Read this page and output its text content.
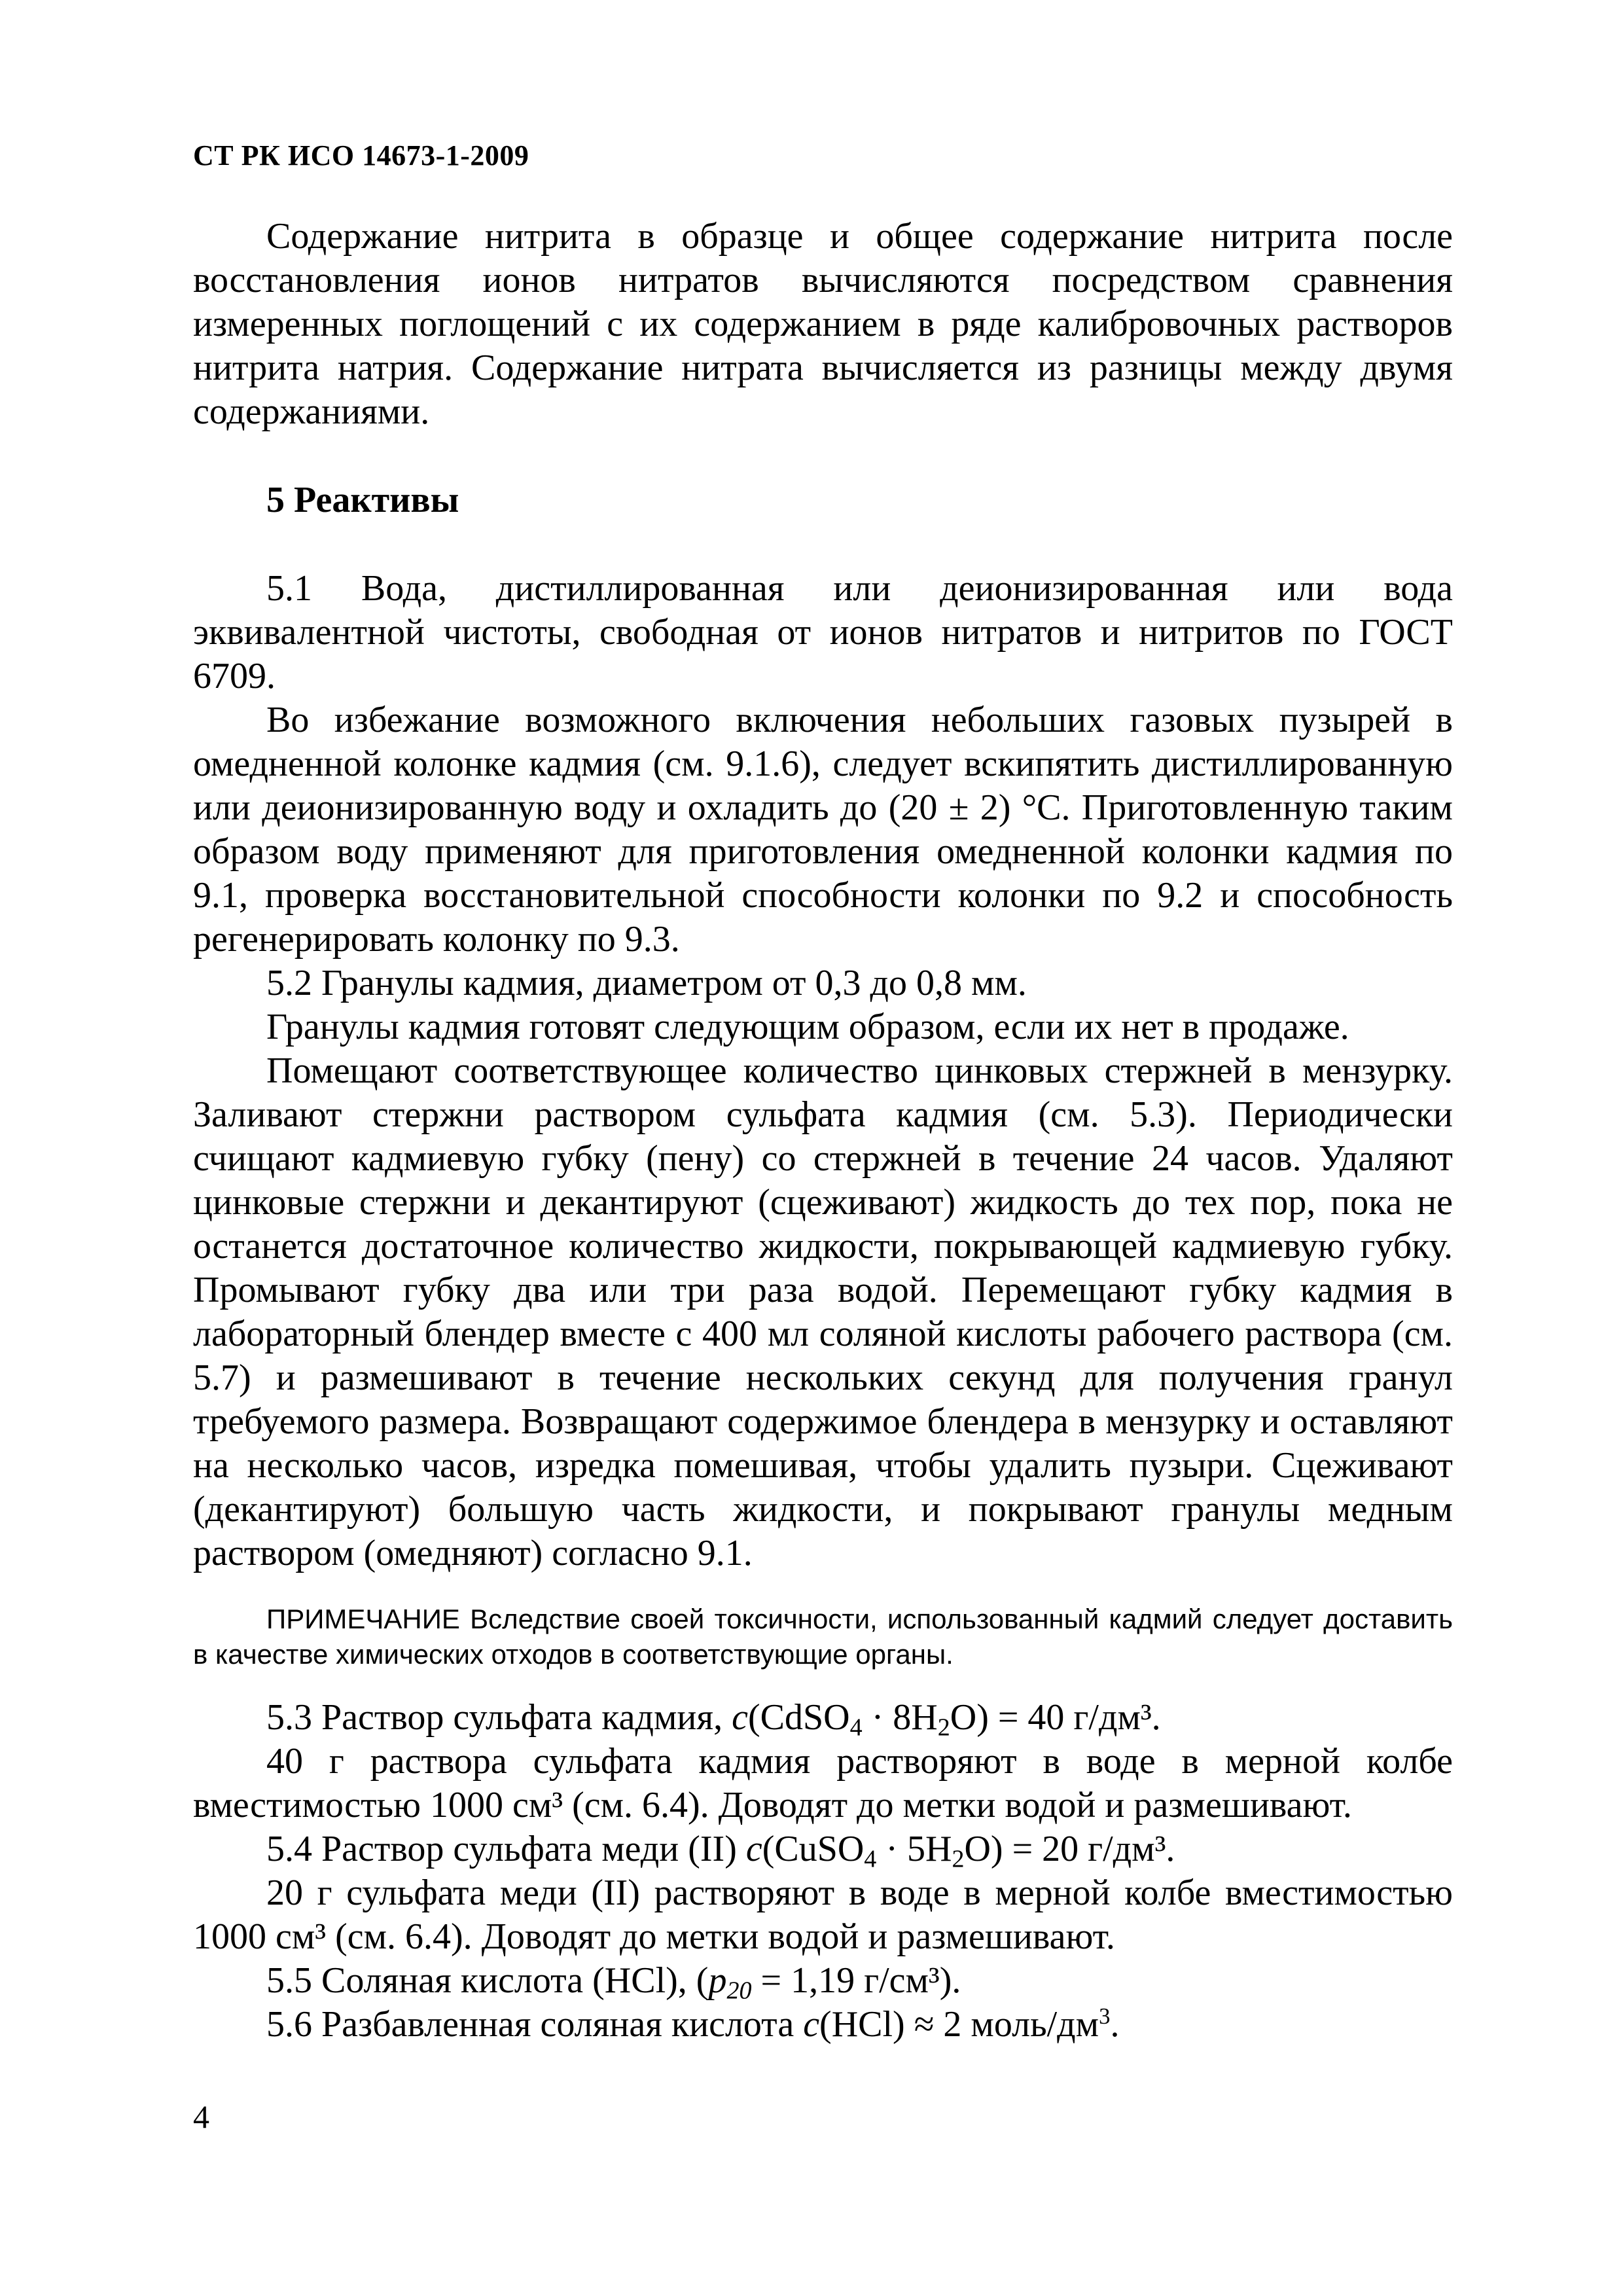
СТ РК ИСО 14673-1-2009

Содержание нитрита в образце и общее содержание нитрита после восстановления ионов нитратов вычисляются посредством сравнения измеренных поглощений с их содержанием в ряде калибровочных растворов нитрита натрия. Содержание нитрата вычисляется из разницы между двумя содержаниями.

5 Реактивы

5.1 Вода, дистиллированная или деионизированная или вода эквивалентной чистоты, свободная от ионов нитратов и нитритов по ГОСТ 6709.

Во избежание возможного включения небольших газовых пузырей в омедненной колонке кадмия (см. 9.1.6), следует вскипятить дистиллированную или деионизированную воду и охладить до (20 ± 2) °С. Приготовленную таким образом воду применяют для приготовления омедненной колонки кадмия по 9.1, проверка восстановительной способности колонки по 9.2 и способность регенерировать колонку по 9.3.

5.2 Гранулы кадмия, диаметром от 0,3 до 0,8 мм.

Гранулы кадмия готовят следующим образом, если их нет в продаже.

Помещают соответствующее количество цинковых стержней в мензурку. Заливают стержни раствором сульфата кадмия (см. 5.3). Периодически счищают кадмиевую губку (пену) со стержней в течение 24 часов. Удаляют цинковые стержни и декантируют (сцеживают) жидкость до тех пор, пока не останется достаточное количество жидкости, покрывающей кадмиевую губку. Промывают губку два или три раза водой. Перемещают губку кадмия в лабораторный блендер вместе с 400 мл соляной кислоты рабочего раствора (см. 5.7) и размешивают в течение нескольких секунд для получения гранул требуемого размера. Возвращают содержимое блендера в мензурку и оставляют на несколько часов, изредка помешивая, чтобы удалить пузыри. Сцеживают (декантируют) большую часть жидкости, и покрывают гранулы медным раствором (омедняют) согласно 9.1.

ПРИМЕЧАНИЕ Вследствие своей токсичности, использованный кадмий следует доставить в качестве химических отходов в соответствующие органы.

5.3 Раствор сульфата кадмия, c(CdSO$_4$ · $8H_2O) = 40$ г/дм³.

40 г раствора сульфата кадмия растворяют в воде в мерной колбе вместимостью 1000 см³ (см. 6.4). Доводят до метки водой и размешивают.

5.4 Раствор сульфата меди (II) c(CuSO$_4$ · $5H_2O) = 20$ г/дм³.

20 г сульфата меди (II) растворяют в воде в мерной колбе вместимостью 1000 см³ (см. 6.4). Доводят до метки водой и размешивают.

5.5 Соляная кислота (HCl), ($p_{20} = 1,19$ г/см³).

5.6 Разбавленная соляная кислота c(HCl) ≈ 2 моль/$дм^3$.

4
